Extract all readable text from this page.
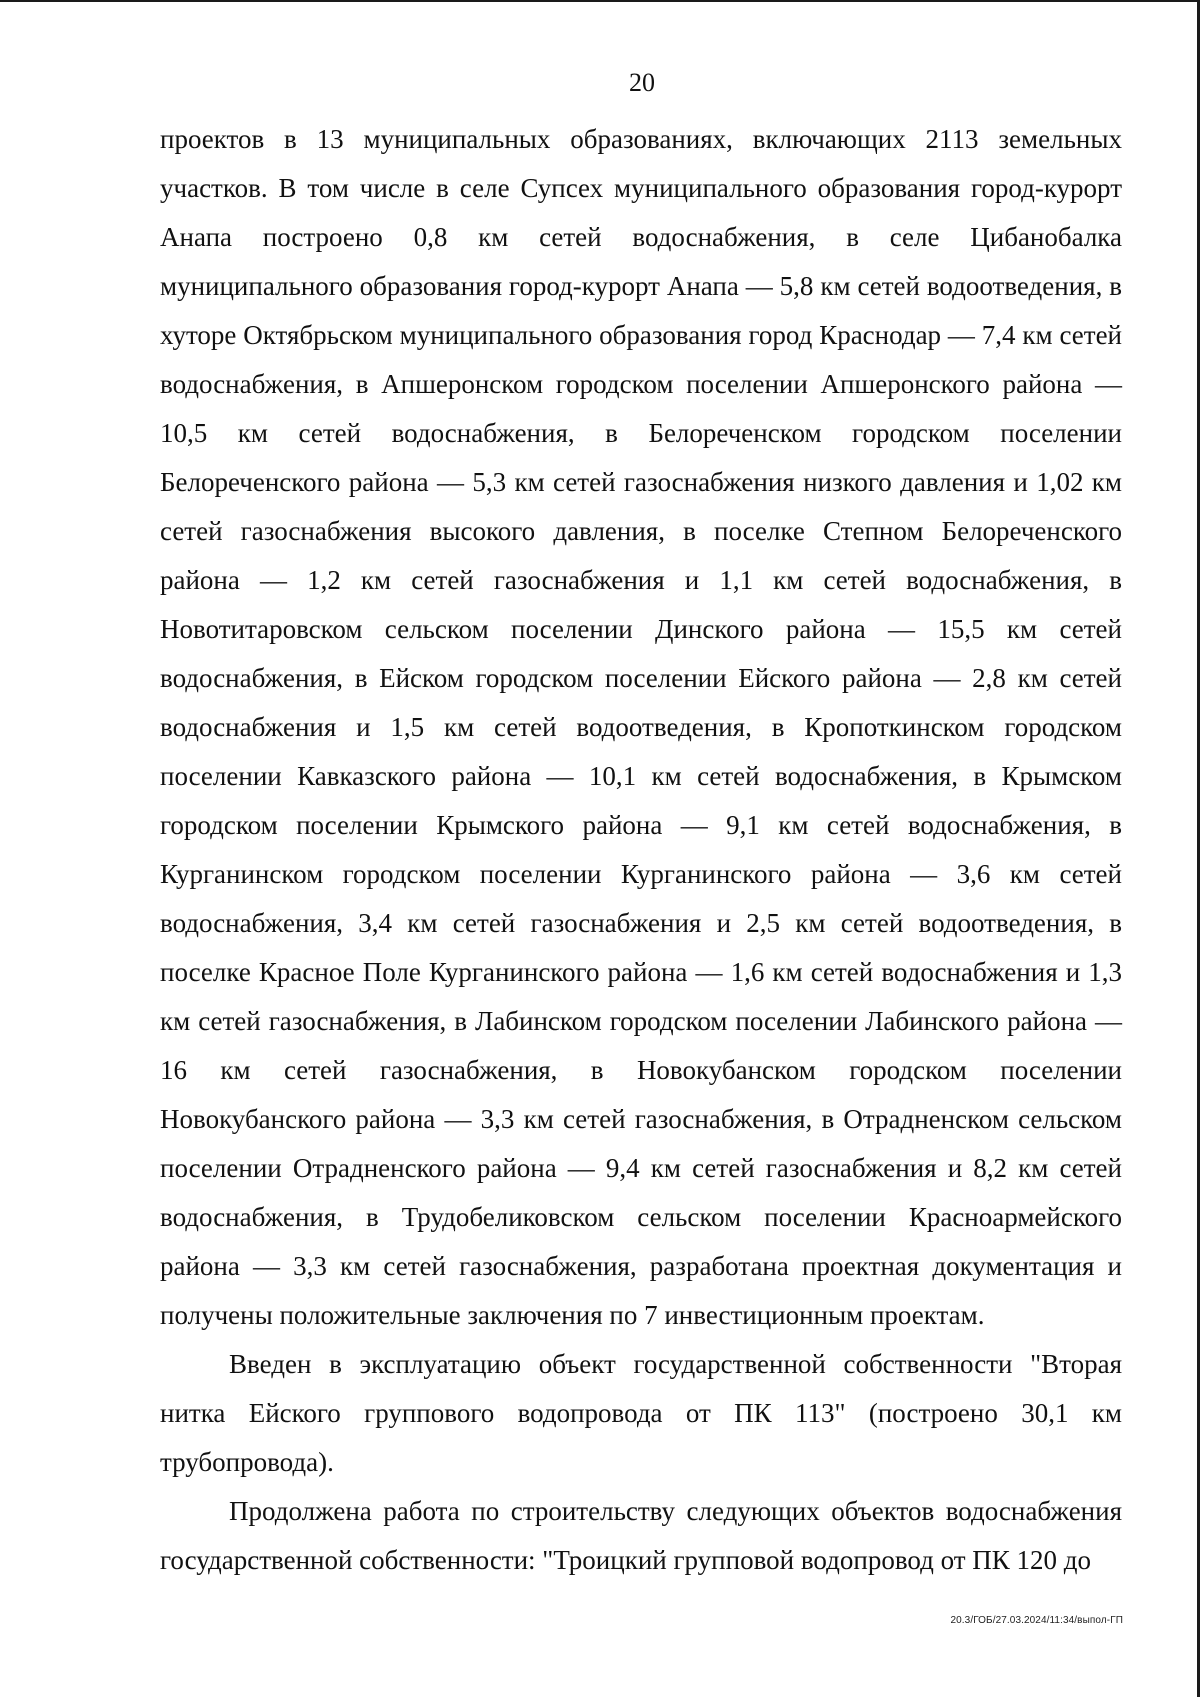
20

проектов в 13 муниципальных образованиях, включающих 2113 земельных участков. В том числе в селе Супсех муниципального образования город-курорт Анапа построено 0,8 км сетей водоснабжения, в селе Цибанобалка муниципального образования город-курорт Анапа — 5,8 км сетей водоотведения, в хуторе Октябрьском муниципального образования город Краснодар — 7,4 км сетей водоснабжения, в Апшеронском городском поселении Апшеронского района — 10,5 км сетей водоснабжения, в Белореченском городском поселении Белореченского района — 5,3 км сетей газоснабжения низкого давления и 1,02 км сетей газоснабжения высокого давления, в поселке Степном Белореченского района — 1,2 км сетей газоснабжения и 1,1 км сетей водоснабжения, в Новотитаровском сельском поселении Динского района — 15,5 км сетей водоснабжения, в Ейском городском поселении Ейского района — 2,8 км сетей водоснабжения и 1,5 км сетей водоотведения, в Кропоткинском городском поселении Кавказского района — 10,1 км сетей водоснабжения, в Крымском городском поселении Крымского района — 9,1 км сетей водоснабжения, в Курганинском городском поселении Курганинского района — 3,6 км сетей водоснабжения, 3,4 км сетей газоснабжения и 2,5 км сетей водоотведения, в поселке Красное Поле Курганинского района — 1,6 км сетей водоснабжения и 1,3 км сетей газоснабжения, в Лабинском городском поселении Лабинского района — 16 км сетей газоснабжения, в Новокубанском городском поселении Новокубанского района — 3,3 км сетей газоснабжения, в Отрадненском сельском поселении Отрадненского района — 9,4 км сетей газоснабжения и 8,2 км сетей водоснабжения, в Трудобеликовском сельском поселении Красноармейского района — 3,3 км сетей газоснабжения, разработана проектная документация и получены положительные заключения по 7 инвестиционным проектам.

Введен в эксплуатацию объект государственной собственности "Вторая нитка Ейского группового водопровода от ПК 113" (построено 30,1 км трубопровода).

Продолжена работа по строительству следующих объектов водоснабжения государственной собственности: "Троицкий групповой водопровод от ПК 120 до

20.3/ГОБ/27.03.2024/11:34/выпол-ГП
